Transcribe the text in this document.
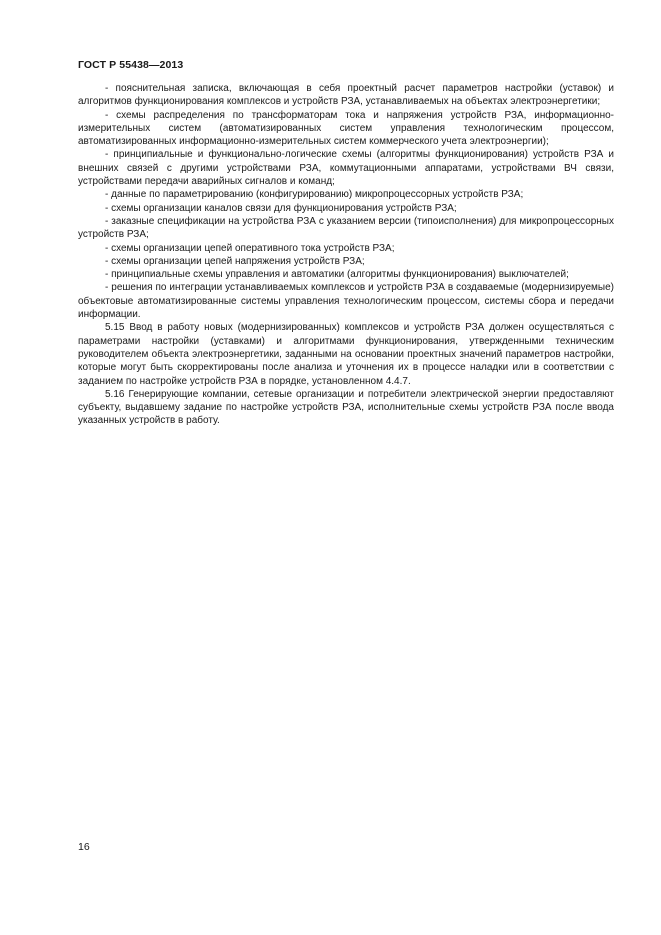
ГОСТ Р 55438—2013

- пояснительная записка, включающая в себя проектный расчет параметров настройки (уставок) и алгоритмов функционирования комплексов и устройств РЗА, устанавливаемых на объектах электроэнергетики;

- схемы распределения по трансформаторам тока и напряжения устройств РЗА, информационно-измерительных систем (автоматизированных систем управления технологическим процессом, автоматизированных информационно-измерительных систем коммерческого учета электроэнергии);

- принципиальные и функционально-логические схемы (алгоритмы функционирования) устройств РЗА и внешних связей с другими устройствами РЗА, коммутационными аппаратами, устройствами ВЧ связи, устройствами передачи аварийных сигналов и команд;

- данные по параметрированию (конфигурированию) микропроцессорных устройств РЗА;

- схемы организации каналов связи для функционирования устройств РЗА;

- заказные спецификации на устройства РЗА с указанием версии (типоисполнения) для микропроцессорных устройств РЗА;

- схемы организации цепей оперативного тока устройств РЗА;

- схемы организации цепей напряжения устройств РЗА;

- принципиальные схемы управления и автоматики (алгоритмы функционирования) выключателей;

- решения по интеграции устанавливаемых комплексов и устройств РЗА в создаваемые (модернизируемые) объектовые автоматизированные системы управления технологическим процессом, системы сбора и передачи информации.

5.15 Ввод в работу новых (модернизированных) комплексов и устройств РЗА должен осуществляться с параметрами настройки (уставками) и алгоритмами функционирования, утвержденными техническим руководителем объекта электроэнергетики, заданными на основании проектных значений параметров настройки, которые могут быть скорректированы после анализа и уточнения их в процессе наладки или в соответствии с заданием по настройке устройств РЗА в порядке, установленном 4.4.7.

5.16 Генерирующие компании, сетевые организации и потребители электрической энергии предоставляют субъекту, выдавшему задание по настройке устройств РЗА, исполнительные схемы устройств РЗА после ввода указанных устройств в работу.

16
